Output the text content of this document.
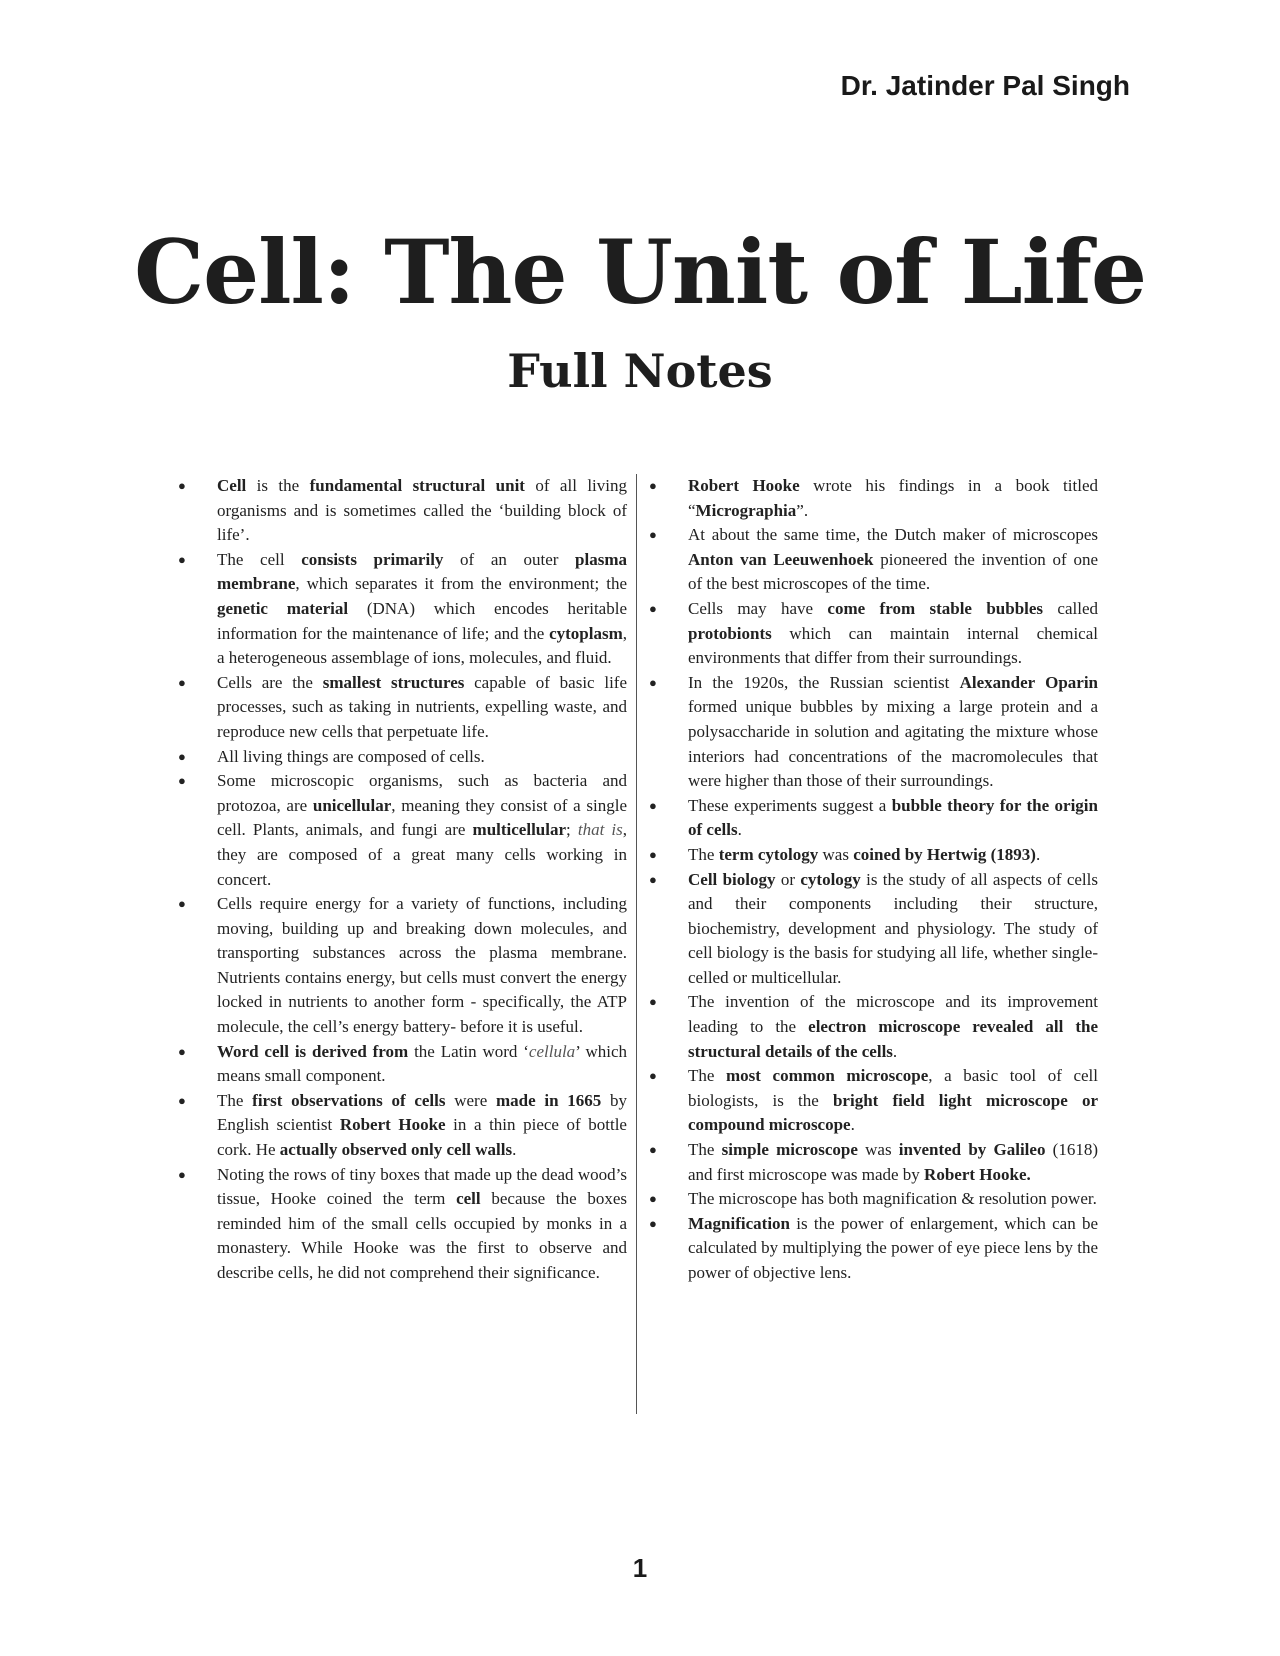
Dr. Jatinder Pal Singh

Cell: The Unit of Life
Full Notes
● Cell is the fundamental structural unit of all living organisms and is sometimes called the ‘building block of life’.
● The cell consists primarily of an outer plasma membrane, which separates it from the environment; the genetic material (DNA) which encodes heritable information for the maintenance of life; and the cytoplasm, a heterogeneous assemblage of ions, molecules, and fluid.
● Cells are the smallest structures capable of basic life processes, such as taking in nutrients, expelling waste, and reproduce new cells that perpetuate life.
● All living things are composed of cells.
● Some microscopic organisms, such as bacteria and protozoa, are unicellular, meaning they consist of a single cell. Plants, animals, and fungi are multicellular; that is, they are composed of a great many cells working in concert.
● Cells require energy for a variety of functions, including moving, building up and breaking down molecules, and transporting substances across the plasma membrane. Nutrients contains energy, but cells must convert the energy locked in nutrients to another form - specifically, the ATP molecule, the cell’s energy battery- before it is useful.
● Word cell is derived from the Latin word ‘cellula’ which means small component.
● The first observations of cells were made in 1665 by English scientist Robert Hooke in a thin piece of bottle cork. He actually observed only cell walls.
● Noting the rows of tiny boxes that made up the dead wood’s tissue, Hooke coined the term cell because the boxes reminded him of the small cells occupied by monks in a monastery. While Hooke was the first to observe and describe cells, he did not comprehend their significance.
● Robert Hooke wrote his findings in a book titled “Micrographia”.
● At about the same time, the Dutch maker of microscopes Anton van Leeuwenhoek pioneered the invention of one of the best microscopes of the time.
● Cells may have come from stable bubbles called protobionts which can maintain internal chemical environments that differ from their surroundings.
● In the 1920s, the Russian scientist Alexander Oparin formed unique bubbles by mixing a large protein and a polysaccharide in solution and agitating the mixture whose interiors had concentrations of the macromolecules that were higher than those of their surroundings.
● These experiments suggest a bubble theory for the origin of cells.
● The term cytology was coined by Hertwig (1893).
● Cell biology or cytology is the study of all aspects of cells and their components including their structure, biochemistry, development and physiology. The study of cell biology is the basis for studying all life, whether single-celled or multicellular.
● The invention of the microscope and its improvement leading to the electron microscope revealed all the structural details of the cells.
● The most common microscope, a basic tool of cell biologists, is the bright field light microscope or compound microscope.
● The simple microscope was invented by Galileo (1618) and first microscope was made by Robert Hooke.
● The microscope has both magnification & resolution power.
● Magnification is the power of enlargement, which can be calculated by multiplying the power of eye piece lens by the power of objective lens.

1
